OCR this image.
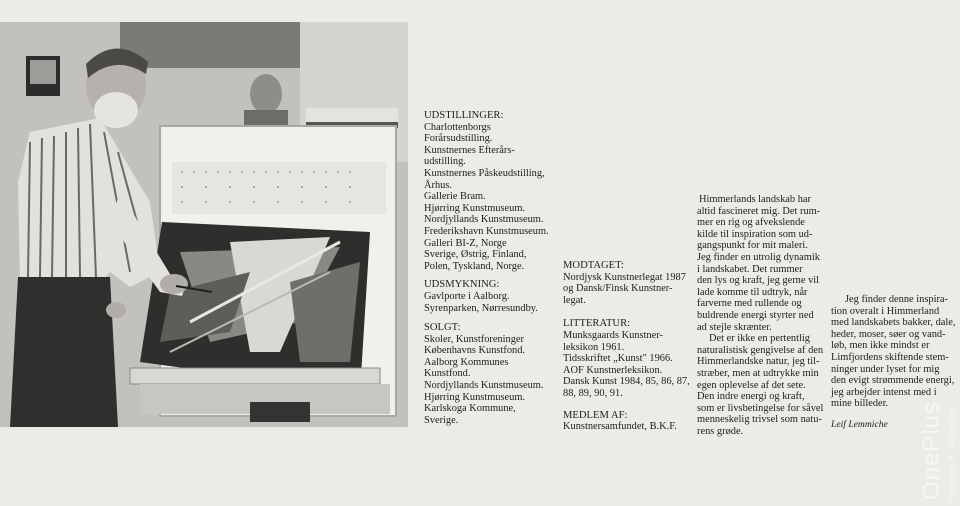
UDSTILLINGER:
Charlottenborgs
Forårsudstilling.
Kunstnernes Efterårs-
udstilling.
Kunstnernes Påskeudstilling,
Århus.
Gallerie Bram.
Hjørring Kunstmuseum.
Nordjyllands Kunstmuseum.
Frederikshavn Kunstmuseum.
Galleri BI-Z, Norge
Sverige, Østrig, Finland,
Polen, Tyskland, Norge.
UDSMYKNING:
Gavlporte i Aalborg.
Syrenparken, Nørresundby.
SOLGT:
Skoler, Kunstforeninger
Københavns Kunstfond.
Aalborg Kommunes
Kunstfond.
Nordjyllands Kunstmuseum.
Hjørring Kunstmuseum.
Karlskoga Kommune,
Sverige.
MODTAGET:
Nordjysk Kunstnerlegat 1987
og Dansk/Finsk Kunstner-
legat.
LITTERATUR:
Munksgaards Kunstner-
leksikon 1961.
Tidsskriftet „Kunst" 1966.
AOF Kunstnerleksikon.
Dansk Kunst 1984, 85, 86, 87,
88, 89, 90, 91.
MEDLEM AF:
Kunstnersamfundet, B.K.F.
Himmerlands landskab har
altid fascineret mig. Det rum-
mer en rig og afvekslende
kilde til inspiration som ud-
gangspunkt for mit maleri.
Jeg finder en utrolig dynamik
i landskabet. Det rummer
den lys og kraft, jeg gerne vil
lade komme til udtryk, når
farverne med rullende og
buldrende energi styrter ned
ad stejle skrænter.
Det er ikke en pertentlig
naturalistisk gengivelse af den
Himmerlandske natur, jeg til-
stræber, men at udtrykke min
egen oplevelse af det sete.
Den indre energi og kraft,
som er livsbetingelse for såvel
menneskelig trivsel som natu-
rens grøde.
Jeg finder denne inspira-
tion overalt i Himmerland
med landskabets bakker, dale,
heder, moser, søer og vand-
løb, men ikke mindst er
Limfjordens skiftende stem-
ninger under lyset for mig
den evigt strømmende energi,
jeg arbejder intenst med i
mine billeder.
Leif Lemmiche	OnePlus hammer B. Andersen
